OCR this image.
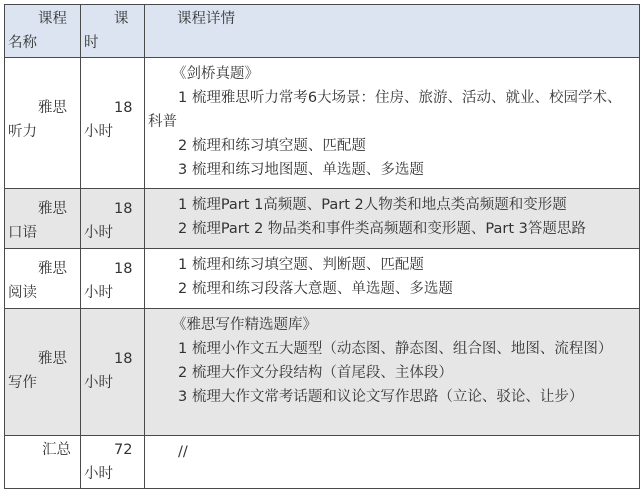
课程名称	课时	课程详情
雅思听力	18小时	《剑桥真题》
1 梳理雅思听力常考6大场景：住房、旅游、活动、就业、校园学术、科普
2 梳理和练习填空题、匹配题
3 梳理和练习地图题、单选题、多选题

雅思口语	18小时	1 梳理Part 1高频题、Part 2人物类和地点类高频题和变形题
2 梳理Part 2 物品类和事件类高频题和变形题、Part 3答题思路

雅思阅读	18小时	1 梳理和练习填空题、判断题、匹配题
2 梳理和练习段落大意题、单选题、多选题

雅思写作	18小时	《雅思写作精选题库》
1 梳理小作文五大题型（动态图、静态图、组合图、地图、流程图）
2 梳理大作文分段结构（首尾段、主体段）
3 梳理大作文常考话题和议论文写作思路（立论、驳论、让步）

汇总	72小时	//
